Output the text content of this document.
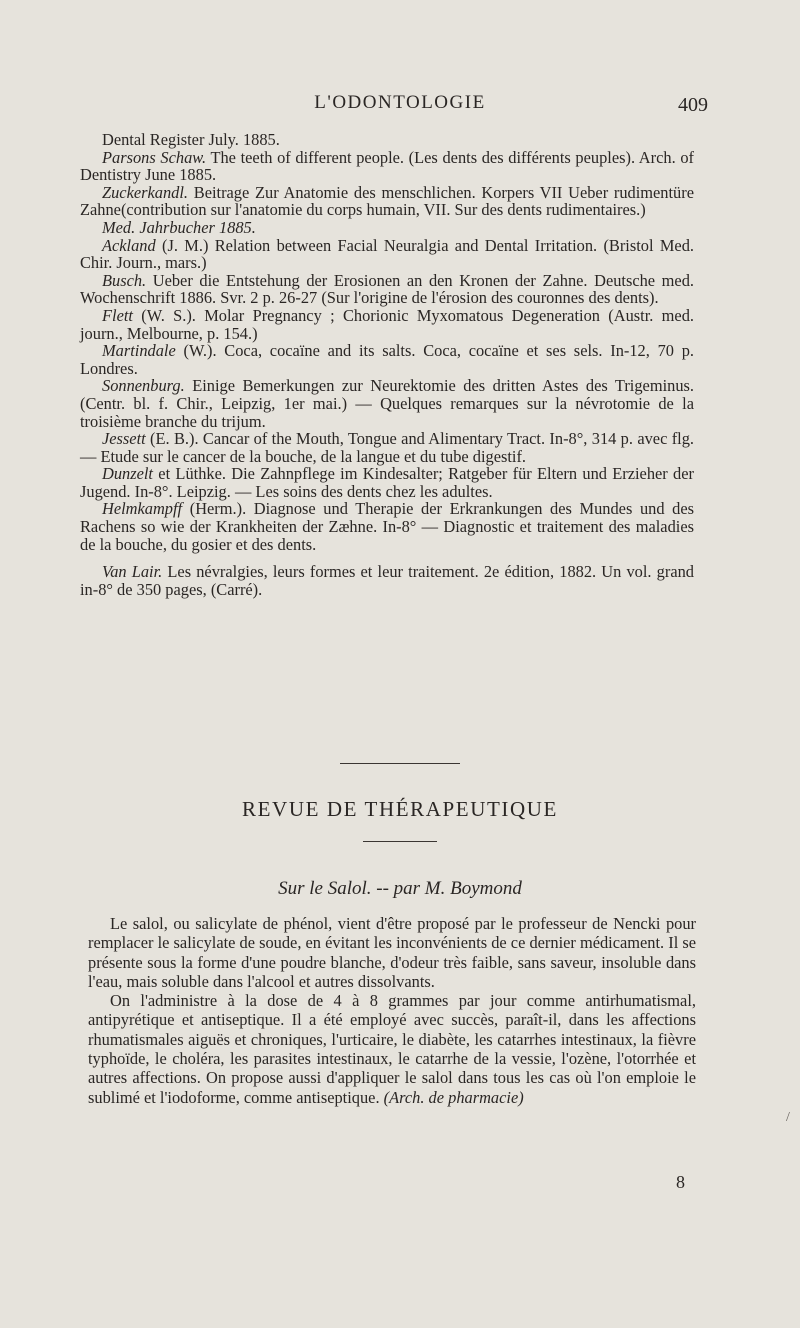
L'ODONTOLOGIE	409
Dental Register July. 1885.
Parsons Schaw. The teeth of different people. (Les dents des différents peuples). Arch. of Dentistry June 1885.
Zuckerkandl. Beitrage Zur Anatomie des menschlichen. Korpers VII Ueber rudimentüre Zahne(contribution sur l'anatomie du corps humain, VII. Sur des dents rudimentaires.)
Med. Jahrbucher 1885.
Ackland (J. M.) Relation between Facial Neuralgia and Dental Irritation. (Bristol Med. Chir. Journ., mars.)
Busch. Ueber die Entstehung der Erosionen an den Kronen der Zahne. Deutsche med. Wochenschrift 1886. Svr. 2 p. 26-27 (Sur l'origine de l'érosion des couronnes des dents).
Flett (W. S.). Molar Pregnancy ; Chorionic Myxomatous Degeneration (Austr. med. journ., Melbourne, p. 154.)
Martindale (W.). Coca, cocaïne and its salts. Coca, cocaïne et ses sels. In-12, 70 p. Londres.
Sonnenburg. Einige Bemerkungen zur Neurektomie des dritten Astes des Trigeminus. (Centr. bl. f. Chir., Leipzig, 1er mai.) — Quelques remarques sur la névrotomie de la troisième branche du trijum.
Jessett (E. B.). Cancar of the Mouth, Tongue and Alimentary Tract. In-8°, 314 p. avec flg. — Etude sur le cancer de la bouche, de la langue et du tube digestif.
Dunzelt et Lüthke. Die Zahnpflege im Kindesalter; Ratgeber für Eltern und Erzieher der Jugend. In-8°. Leipzig. — Les soins des dents chez les adultes.
Helmkampff (Herm.). Diagnose und Therapie der Erkrankungen des Mundes und des Rachens so wie der Krankheiten der Zæhne. In-8° — Diagnostic et traitement des maladies de la bouche, du gosier et des dents.
Van Lair. Les névralgies, leurs formes et leur traitement. 2e édition, 1882. Un vol. grand in-8° de 350 pages, (Carré).
REVUE DE THÉRAPEUTIQUE
Sur le Salol. -- par M. Boymond

Le salol, ou salicylate de phénol, vient d'être proposé par le professeur de Nencki pour remplacer le salicylate de soude, en évitant les inconvénients de ce dernier médicament. Il se présente sous la forme d'une poudre blanche, d'odeur très faible, sans saveur, insoluble dans l'eau, mais soluble dans l'alcool et autres dissolvants.

On l'administre à la dose de 4 à 8 grammes par jour comme antirhumatismal, antipyrétique et antiseptique. Il a été employé avec succès, paraît-il, dans les affections rhumatismales aiguës et chroniques, l'urticaire, le diabète, les catarrhes intestinaux, la fièvre typhoïde, le choléra, les parasites intestinaux, le catarrhe de la vessie, l'ozène, l'otorrhée et autres affections. On propose aussi d'appliquer le salol dans tous les cas où l'on emploie le sublimé et l'iodoforme, comme antiseptique. (Arch. de pharmacie)

8
/
